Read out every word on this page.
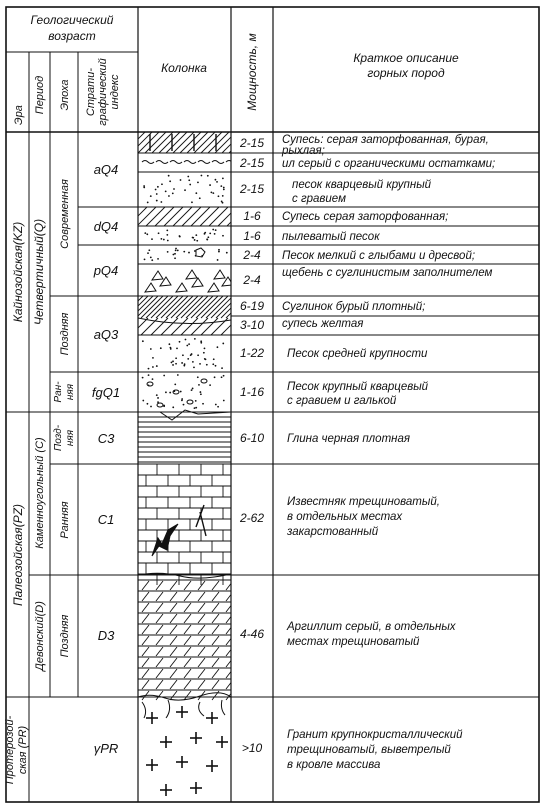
Геологический
возраст
Колонка	Мощность, м	Краткое описание
горных пород
Эра
Период Эпоха Страти- графический индекс
Кайнозойская(KZ)
Палеозойская(PZ)
Протерозой- ская (PR)
Четвертичный(Q)
Каменноугольный (C)
Девонский(D)
Современная
Поздняя
Ран- няя
Позд- няя
Ранняя
Поздняя
aQ4
dQ4
pQ4
aQ3
fgQ1
C3
C1
D3
γPR
2-15
2-15
2-15
1-6
1-6
2-4
2-4
6-19
3-10
1-22
1-16
6-10
2-62
4-46
>10
Супесь: серая заторфованная, бурая,
рыхлая;
ил серый с органическими остатками;
песок кварцевый крупный
с гравием
Супесь серая заторфованная;
пылеватый песок
Песок мелкий с глыбами и дресвой;
щебень с суглинистым заполнителем
Суглинок бурый плотный;
супесь желтая
Песок средней крупности
Песок крупный кварцевый
с гравием и галькой
Глина черная плотная
Известняк трещиноватый,
в отдельных местах
закарстованный
Аргиллит серый, в отдельных
местах трещиноватый
Гранит крупнокристаллический
трещиноватый, выветрелый
в кровле массива
